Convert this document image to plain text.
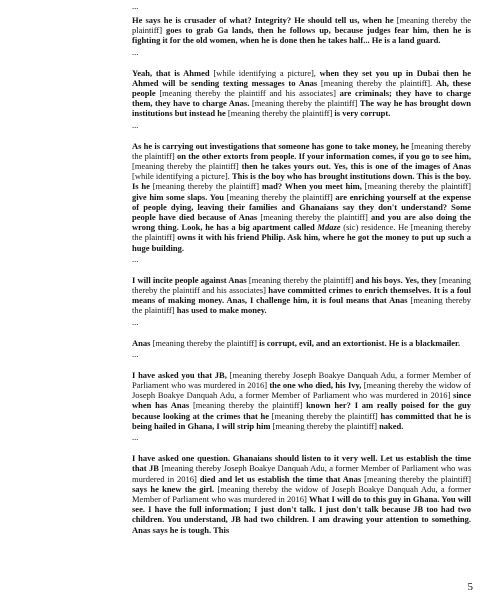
...

He says he is crusader of what? Integrity? He should tell us, when he [meaning thereby the plaintiff] goes to grab Ga lands, then he follows up, because judges fear him, then he is fighting it for the old women, when he is done then he takes half... He is a land guard.

...

Yeah, that is Ahmed [while identifying a picture], when they set you up in Dubai then he Ahmed will be sending texting messages to Anas [meaning thereby the plaintiff]. Ah, these people [meaning thereby the plaintiff and his associates] are criminals; they have to charge them, they have to charge Anas. [meaning thereby the plaintiff] The way he has brought down institutions but instead he [meaning thereby the plaintiff] is very corrupt.

...

As he is carrying out investigations that someone has gone to take money, he [meaning thereby the plaintiff] on the other extorts from people. If your information comes, if you go to see him, [meaning thereby the plaintiff] then he takes yours out. Yes, this is one of the images of Anas [while identifying a picture]. This is the boy who has brought institutions down. This is the boy. Is he [meaning thereby the plaintiff] mad? When you meet him, [meaning thereby the plaintiff] give him some slaps. You [meaning thereby the plaintiff] are enriching yourself at the expense of people dying, leaving their families and Ghanaians say they don't understand? Some people have died because of Anas [meaning thereby the plaintiff] and you are also doing the wrong thing. Look, he has a big apartment called Mdaze (sic) residence. He [meaning thereby the plaintiff] owns it with his friend Philip. Ask him, where he got the money to put up such a huge building.

...

I will incite people against Anas [meaning thereby the plaintiff] and his boys. Yes, they [meaning thereby the plaintiff and his associates] have committed crimes to enrich themselves. It is a foul means of making money. Anas, I challenge him, it is foul means that Anas [meaning thereby the plaintiff] has used to make money.

...

Anas [meaning thereby the plaintiff] is corrupt, evil, and an extortionist. He is a blackmailer.

...

I have asked you that JB, [meaning thereby Joseph Boakye Danquah Adu, a former Member of Parliament who was murdered in 2016] the one who died, his Ivy, [meaning thereby the widow of Joseph Boakye Danquah Adu, a former Member of Parliament who was murdered in 2016] since when has Anas [meaning thereby the plaintiff] known her? I am really poised for the guy because looking at the crimes that he [meaning thereby the plaintiff] has committed that he is being hailed in Ghana, I will strip him [meaning thereby the plaintiff] naked.

...

I have asked one question. Ghanaians should listen to it very well. Let us establish the time that JB [meaning thereby Joseph Boakye Danquah Adu, a former Member of Parliament who was murdered in 2016] died and let us establish the time that Anas [meaning thereby the plaintiff] says he knew the girl. [meaning thereby the widow of Joseph Boakye Danquah Adu, a former Member of Parliament who was murdered in 2016] What I will do to this guy in Ghana. You will see. I have the full information; I just don't talk. I just don't talk because JB too had two children. You understand, JB had two children. I am drawing your attention to something. Anas says he is tough. This

5
